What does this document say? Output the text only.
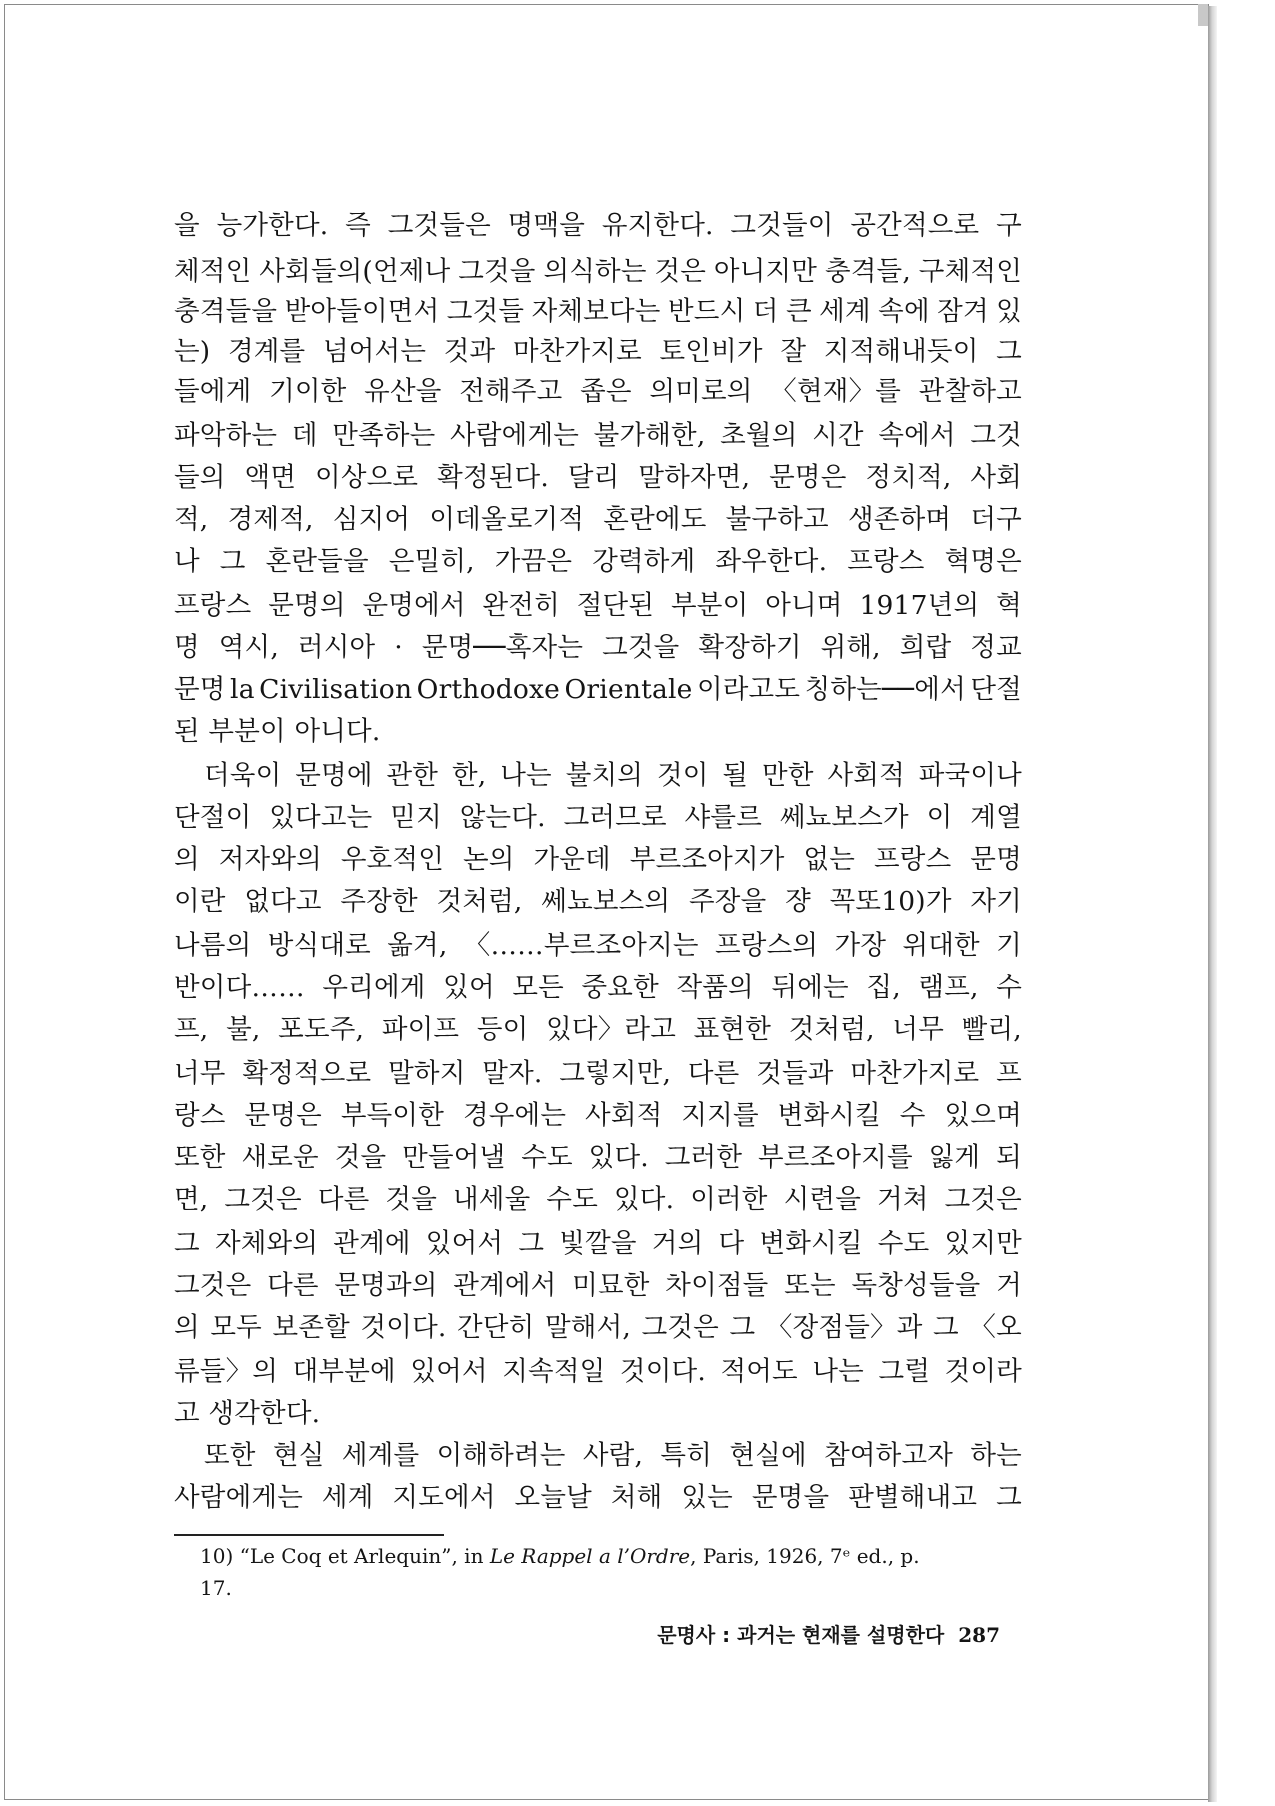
을 능가한다. 즉 그것들은 명맥을 유지한다. 그것들이 공간적으로 구
체적인 사회들의(언제나 그것을 의식하는 것은 아니지만 충격들, 구체적인
충격들을 받아들이면서 그것들 자체보다는 반드시 더 큰 세계 속에 잠겨 있
는) 경계를 넘어서는 것과 마찬가지로 토인비가 잘 지적해내듯이 그
들에게 기이한 유산을 전해주고 좁은 의미로의 〈현재〉를 관찰하고
파악하는 데 만족하는 사람에게는 불가해한, 초월의 시간 속에서 그것
들의 액면 이상으로 확정된다. 달리 말하자면, 문명은 정치적, 사회
적, 경제적, 심지어 이데올로기적 혼란에도 불구하고 생존하며 더구
나 그 혼란들을 은밀히, 가끔은 강력하게 좌우한다. 프랑스 혁명은
프랑스 문명의 운명에서 완전히 절단된 부분이 아니며 1917년의 혁
명 역시, 러시아 · 문명──혹자는 그것을 확장하기 위해, 희랍 정교
문명 la Civilisation Orthodoxe Orientale 이라고도 칭하는──에서 단절
된 부분이 아니다.
더욱이 문명에 관한 한, 나는 불치의 것이 될 만한 사회적 파국이나
단절이 있다고는 믿지 않는다. 그러므로 샤를르 쎄뇨보스가 이 계열
의 저자와의 우호적인 논의 가운데 부르조아지가 없는 프랑스 문명
이란 없다고 주장한 것처럼, 쎄뇨보스의 주장을 쟝 꼭또10)가 자기
나름의 방식대로 옮겨, 〈……부르조아지는 프랑스의 가장 위대한 기
반이다…… 우리에게 있어 모든 중요한 작품의 뒤에는 집, 램프, 수
프, 불, 포도주, 파이프 등이 있다〉라고 표현한 것처럼, 너무 빨리,
너무 확정적으로 말하지 말자. 그렇지만, 다른 것들과 마찬가지로 프
랑스 문명은 부득이한 경우에는 사회적 지지를 변화시킬 수 있으며
또한 새로운 것을 만들어낼 수도 있다. 그러한 부르조아지를 잃게 되
면, 그것은 다른 것을 내세울 수도 있다. 이러한 시련을 거쳐 그것은
그 자체와의 관계에 있어서 그 빛깔을 거의 다 변화시킬 수도 있지만
그것은 다른 문명과의 관계에서 미묘한 차이점들 또는 독창성들을 거
의 모두 보존할 것이다. 간단히 말해서, 그것은 그 〈장점들〉과 그 〈오
류들〉의 대부분에 있어서 지속적일 것이다. 적어도 나는 그럴 것이라
고 생각한다.
또한 현실 세계를 이해하려는 사람, 특히 현실에 참여하고자 하는
사람에게는 세계 지도에서 오늘날 처해 있는 문명을 판별해내고 그
10) “Le Coq et Arlequin”, in Le Rappel a l’Ordre, Paris, 1926, 7ᵉ ed., p.
17.
문명사 : 과거는 현재를 설명한다 287
